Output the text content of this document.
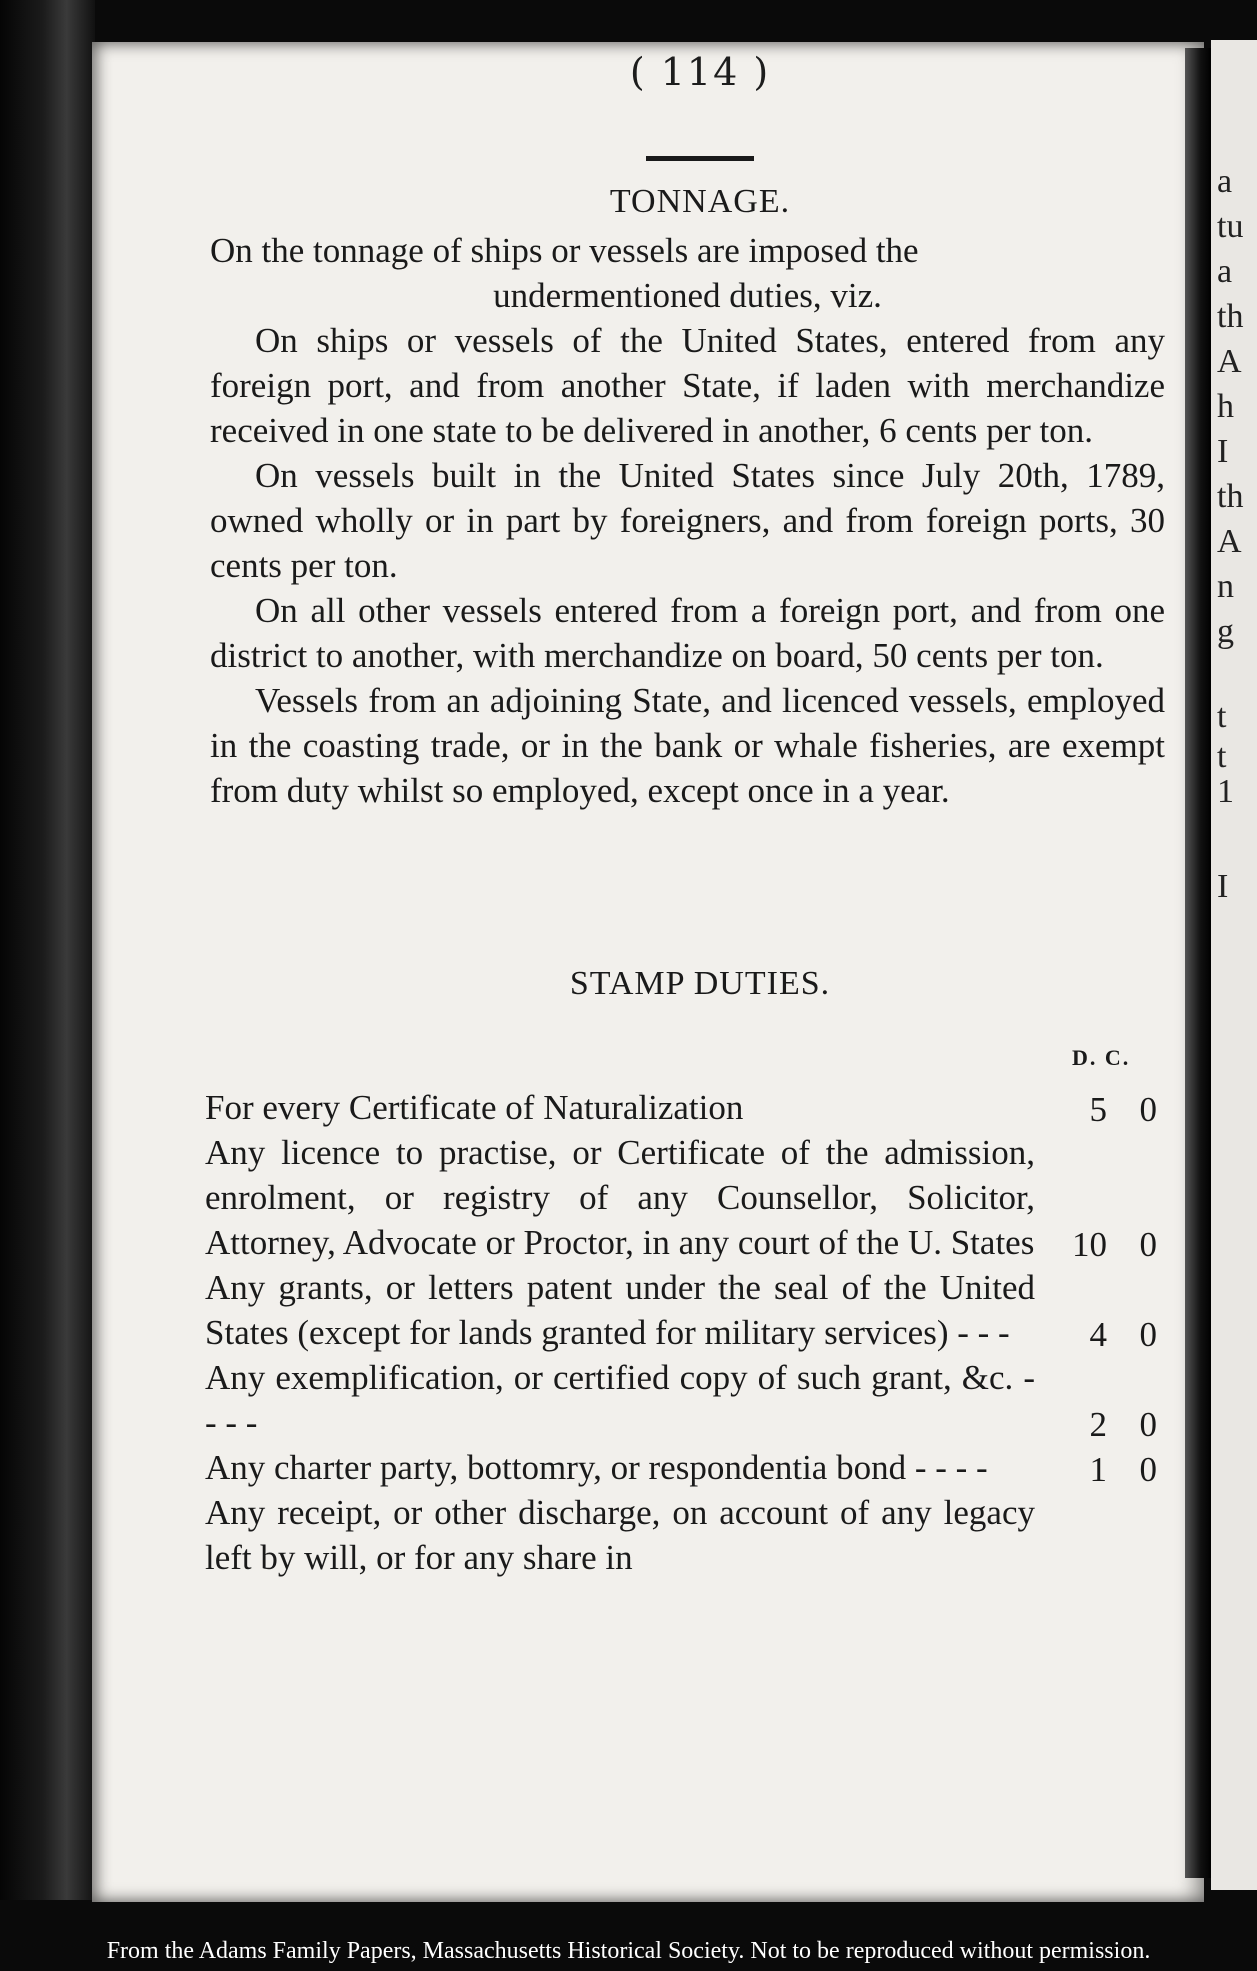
a
tu
a
th
A
h
I
th
A
n
g
t
t
1
I
( 114 )
TONNAGE.

On the tonnage of ships or vessels are imposed the

undermentioned duties, viz.

On ships or vessels of the United States, entered from any foreign port, and from another State, if laden with merchandize received in one state to be delivered in another, 6 cents per ton.

On vessels built in the United States since July 20th, 1789, owned wholly or in part by foreigners, and from foreign ports, 30 cents per ton.

On all other vessels entered from a foreign port, and from one district to another, with merchandize on board, 50 cents per ton.

Vessels from an adjoining State, and licenced vessels, employed in the coasting trade, or in the bank or whale fisheries, are exempt from duty whilst so employed, except once in a year.

STAMP DUTIES.
D. C.
For every Certificate of Naturalization	5 0
Any licence to practise, or Certificate of the admission, enrolment, or registry of any Counsellor, Solicitor, Attorney, Advocate or Proctor, in any court of the U. States 10 0
Any grants, or letters patent under the seal of the United States (except for lands granted for military services) - - -	4 0
Any exemplification, or certified copy of such grant, &c. - - - -	2 0
Any charter party, bottomry, or respondentia bond - - - -	1 0
Any receipt, or other discharge, on account of any legacy left by will, or for any share in
From the Adams Family Papers, Massachusetts Historical Society. Not to be reproduced without permission.
